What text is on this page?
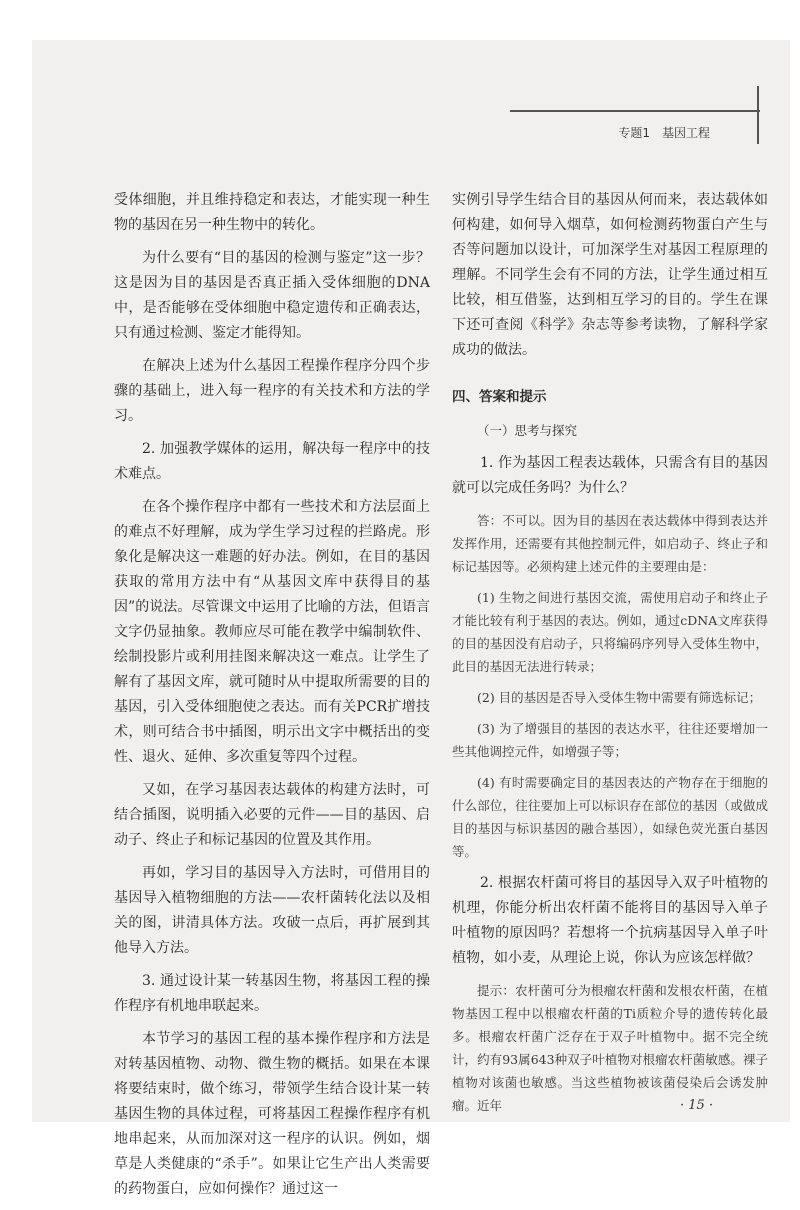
专题1　基因工程

受体细胞，并且维持稳定和表达，才能实现一种生物的基因在另一种生物中的转化。

为什么要有“目的基因的检测与鉴定”这一步？这是因为目的基因是否真正插入受体细胞的DNA中，是否能够在受体细胞中稳定遗传和正确表达，只有通过检测、鉴定才能得知。

在解决上述为什么基因工程操作程序分四个步骤的基础上，进入每一程序的有关技术和方法的学习。

2. 加强教学媒体的运用，解决每一程序中的技术难点。

在各个操作程序中都有一些技术和方法层面上的难点不好理解，成为学生学习过程的拦路虎。形象化是解决这一难题的好办法。例如，在目的基因获取的常用方法中有“从基因文库中获得目的基因”的说法。尽管课文中运用了比喻的方法，但语言文字仍显抽象。教师应尽可能在教学中编制软件、绘制投影片或利用挂图来解决这一难点。让学生了解有了基因文库，就可随时从中提取所需要的目的基因，引入受体细胞使之表达。而有关PCR扩增技术，则可结合书中插图，明示出文字中概括出的变性、退火、延伸、多次重复等四个过程。

又如，在学习基因表达载体的构建方法时，可结合插图，说明插入必要的元件——目的基因、启动子、终止子和标记基因的位置及其作用。

再如，学习目的基因导入方法时，可借用目的基因导入植物细胞的方法——农杆菌转化法以及相关的图，讲清具体方法。攻破一点后，再扩展到其他导入方法。

3. 通过设计某一转基因生物，将基因工程的操作程序有机地串联起来。

本节学习的基因工程的基本操作程序和方法是对转基因植物、动物、微生物的概括。如果在本课将要结束时，做个练习，带领学生结合设计某一转基因生物的具体过程，可将基因工程操作程序有机地串起来，从而加深对这一程序的认识。例如，烟草是人类健康的“杀手”。如果让它生产出人类需要的药物蛋白，应如何操作？通过这一

实例引导学生结合目的基因从何而来，表达载体如何构建，如何导入烟草，如何检测药物蛋白产生与否等问题加以设计，可加深学生对基因工程原理的理解。不同学生会有不同的方法，让学生通过相互比较，相互借鉴，达到相互学习的目的。学生在课下还可查阅《科学》杂志等参考读物，了解科学家成功的做法。

四、答案和提示

（一）思考与探究

1. 作为基因工程表达载体，只需含有目的基因就可以完成任务吗？为什么？

答：不可以。因为目的基因在表达载体中得到表达并发挥作用，还需要有其他控制元件，如启动子、终止子和标记基因等。必须构建上述元件的主要理由是：

(1) 生物之间进行基因交流，需使用启动子和终止子才能比较有利于基因的表达。例如，通过cDNA文库获得的目的基因没有启动子，只将编码序列导入受体生物中，此目的基因无法进行转录；

(2) 目的基因是否导入受体生物中需要有筛选标记；

(3) 为了增强目的基因的表达水平，往往还要增加一些其他调控元件，如增强子等；

(4) 有时需要确定目的基因表达的产物存在于细胞的什么部位，往往要加上可以标识存在部位的基因（或做成目的基因与标识基因的融合基因），如绿色荧光蛋白基因等。

2. 根据农杆菌可将目的基因导入双子叶植物的机理，你能分析出农杆菌不能将目的基因导入单子叶植物的原因吗？若想将一个抗病基因导入单子叶植物，如小麦，从理论上说，你认为应该怎样做？

提示：农杆菌可分为根瘤农杆菌和发根农杆菌，在植物基因工程中以根瘤农杆菌的Ti质粒介导的遗传转化最多。根瘤农杆菌广泛存在于双子叶植物中。据不完全统计，约有93属643种双子叶植物对根瘤农杆菌敏感。裸子植物对该菌也敏感。当这些植物被该菌侵染后会诱发肿瘤。近年	· 15 ·
